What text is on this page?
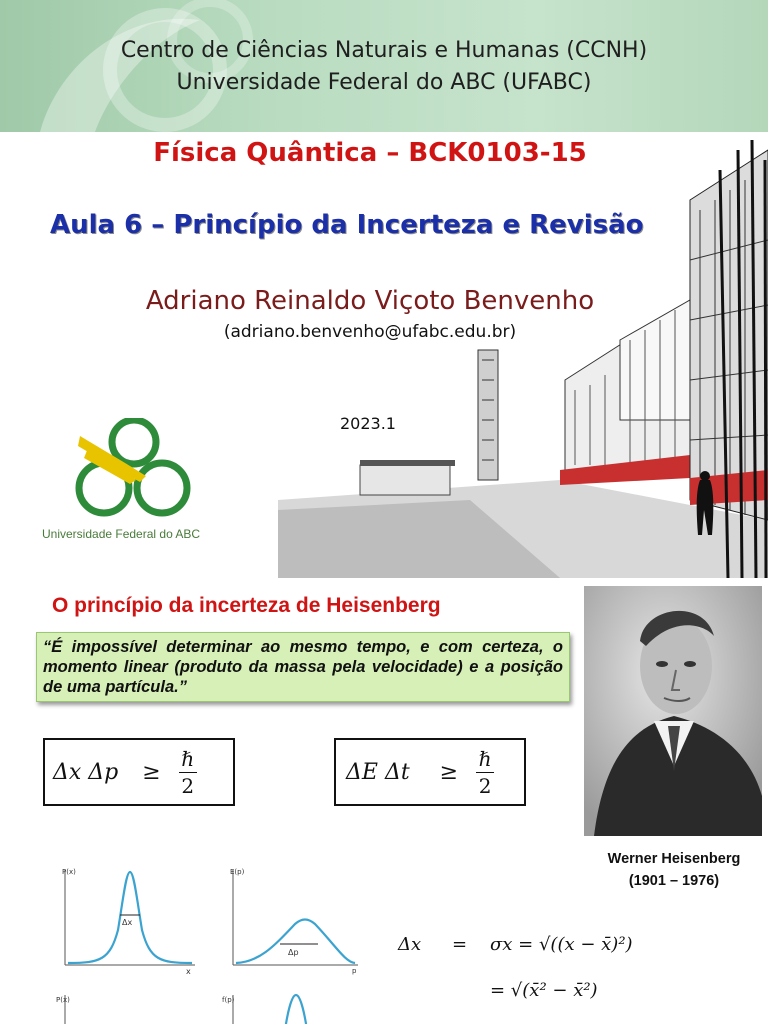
Centro de Ciências Naturais e Humanas (CCNH)
Universidade Federal do ABC (UFABC)
Física Quântica – BCK0103-15
Aula 6 – Princípio da Incerteza e Revisão
Adriano Reinaldo Viçoto Benvenho
(adriano.benvenho@ufabc.edu.br)
2023.1
Universidade Federal do ABC
O princípio da incerteza de Heisenberg
“É impossível determinar ao mesmo tempo, e com certeza, o momento linear (produto da massa pela velocidade) e a posição de uma partícula.”
Δx $\Delta p \ge \frac{\text{ℏ}}{2}$	ΔE $\Delta t \ge \frac{\text{ℏ}}{2}$
Werner Heisenberg
(1901 – 1976)
P(x)
x
Δx
E(p)
p
Δp
P(x)	f(p)
Δx = σx = √((x − x̄)²)
= √(x̄² − x̄²)
